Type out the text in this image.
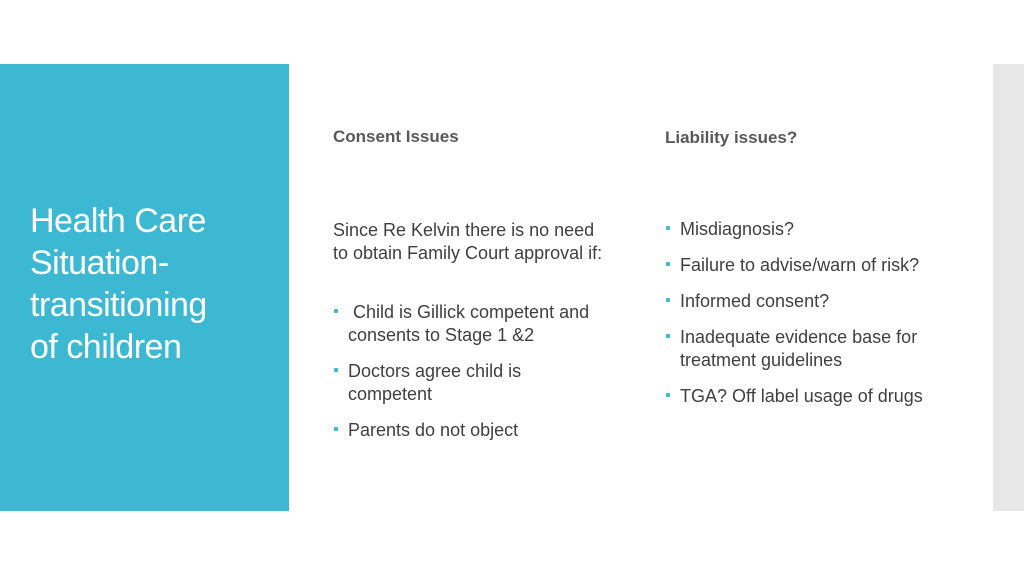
Health Care
Situation-
transitioning
of children
Consent Issues	Liability issues?

Since Re Kelvin there is no need to obtain Family Court approval if:

Child is Gillick competent and consents to Stage 1 &2
Doctors agree child is competent
Parents do not object
Misdiagnosis?
Failure to advise/warn of risk?
Informed consent?
Inadequate evidence base for treatment guidelines
TGA? Off label usage of drugs
